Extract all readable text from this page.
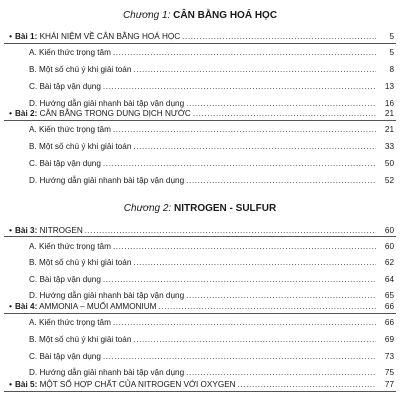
Chương 1: CÂN BẰNG HOÁ HỌC
• Bài 1: KHÁI NIỆM VỀ CÂN BẰNG HOÁ HỌC .....	5
A. Kiến thức trọng tâm .....	5
B. Một số chú ý khi giải toán .....	8
C. Bài tập vận dụng .....	13
D. Hướng dẫn giải nhanh bài tập vận dụng .....	16
• Bài 2: CÂN BẰNG TRONG DUNG DỊCH NƯỚC .....	21
A. Kiến thức trọng tâm .....	21
B. Một số chú ý khi giải toán .....	33
C. Bài tập vận dụng .....	50
D. Hướng dẫn giải nhanh bài tập vận dụng .....	52
Chương 2: NITROGEN - SULFUR
• Bài 3: NITROGEN .....	60
A. Kiến thức trọng tâm .....	60
B. Một số chú ý khi giải toán .....	62
C. Bài tập vận dụng .....	64
D. Hướng dẫn giải nhanh bài tập vận dụng .....	65
• Bài 4: AMMONIA – MUỐI AMMONIUM .....	66
A. Kiến thức trọng tâm .....	66
B. Một số chú ý khi giải toán .....	69
C. Bài tập vận dụng .....	73
D. Hướng dẫn giải nhanh bài tập vận dụng .....	75
• Bài 5: MỘT SỐ HỢP CHẤT CỦA NITROGEN VỚI OXYGEN .....	77
